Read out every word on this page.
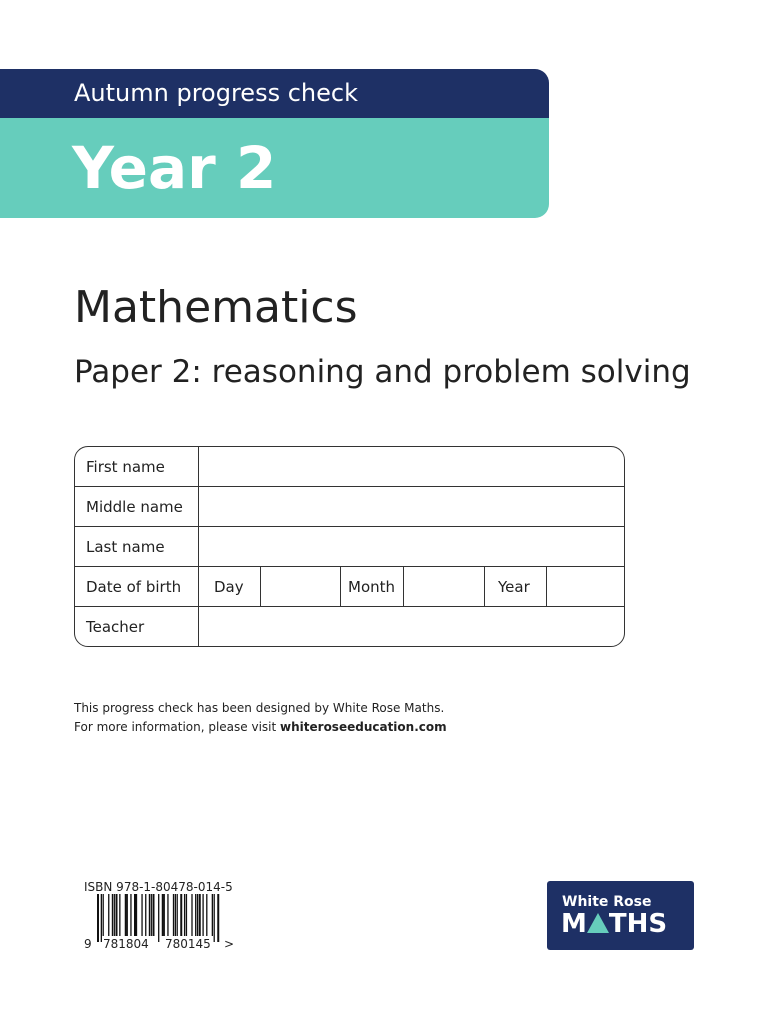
Autumn progress check
Year 2
Mathematics
Paper 2: reasoning and problem solving
First name
Middle name
Last name
Date of birth	Day	Month	Year
Teacher
This progress check has been designed by White Rose Maths.
For more information, please visit whiteroseeducation.com
ISBN 978-1-80478-014-5
9 781804 780145 >
White Rose
M THS
